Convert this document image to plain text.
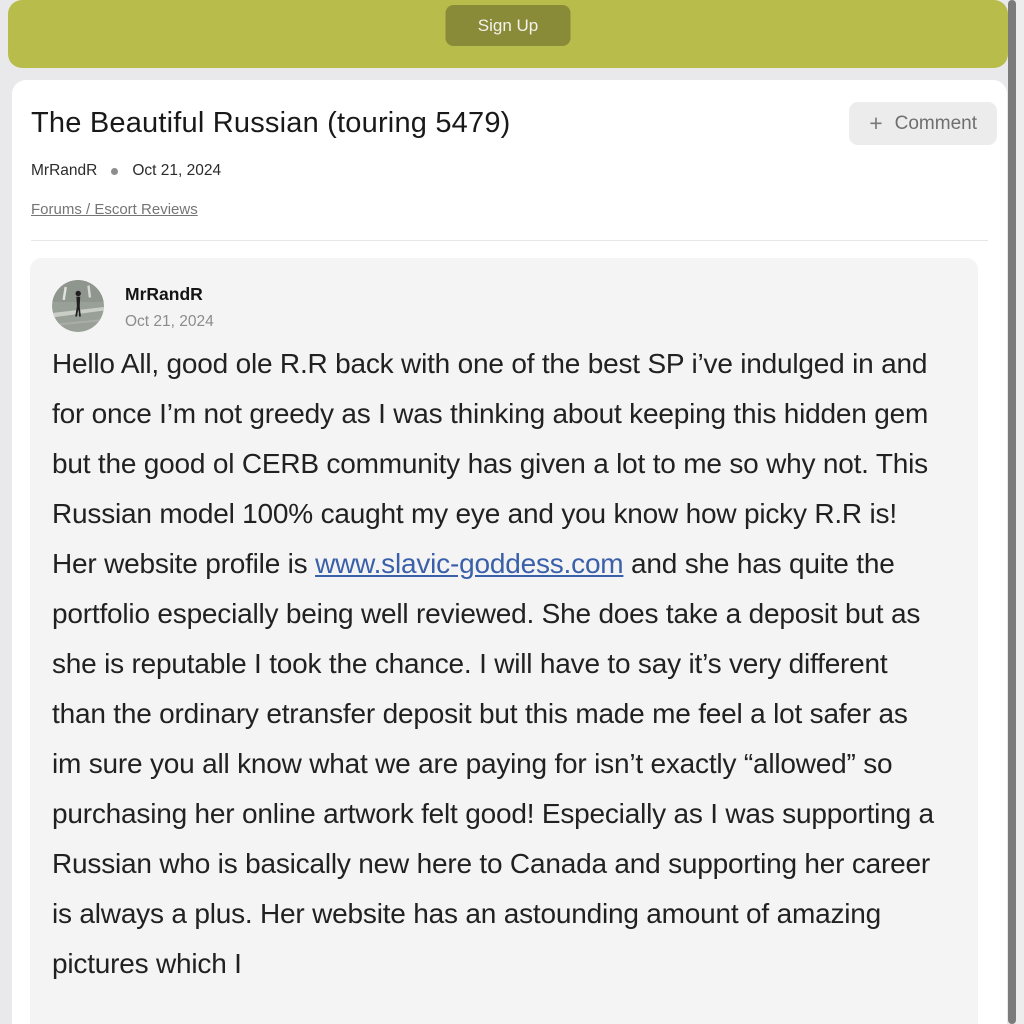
Sign Up
The Beautiful Russian (touring 5479)	+ Comment
MrRandR Oct 21, 2024
Forums / Escort Reviews
MrRandR
Oct 21, 2024
Hello All, good ole R.R back with one of the best SP i’ve indulged in and for once I’m not greedy as I was thinking about keeping this hidden gem but the good ol CERB community has given a lot to me so why not. This Russian model 100% caught my eye and you know how picky R.R is! Her website profile is www.slavic-goddess.com and she has quite the portfolio especially being well reviewed. She does take a deposit but as she is reputable I took the chance. I will have to say it’s very different than the ordinary etransfer deposit but this made me feel a lot safer as im sure you all know what we are paying for isn’t exactly “allowed” so purchasing her online artwork felt good! Especially as I was supporting a Russian who is basically new here to Canada and supporting her career is always a plus. Her website has an astounding amount of amazing pictures which I
